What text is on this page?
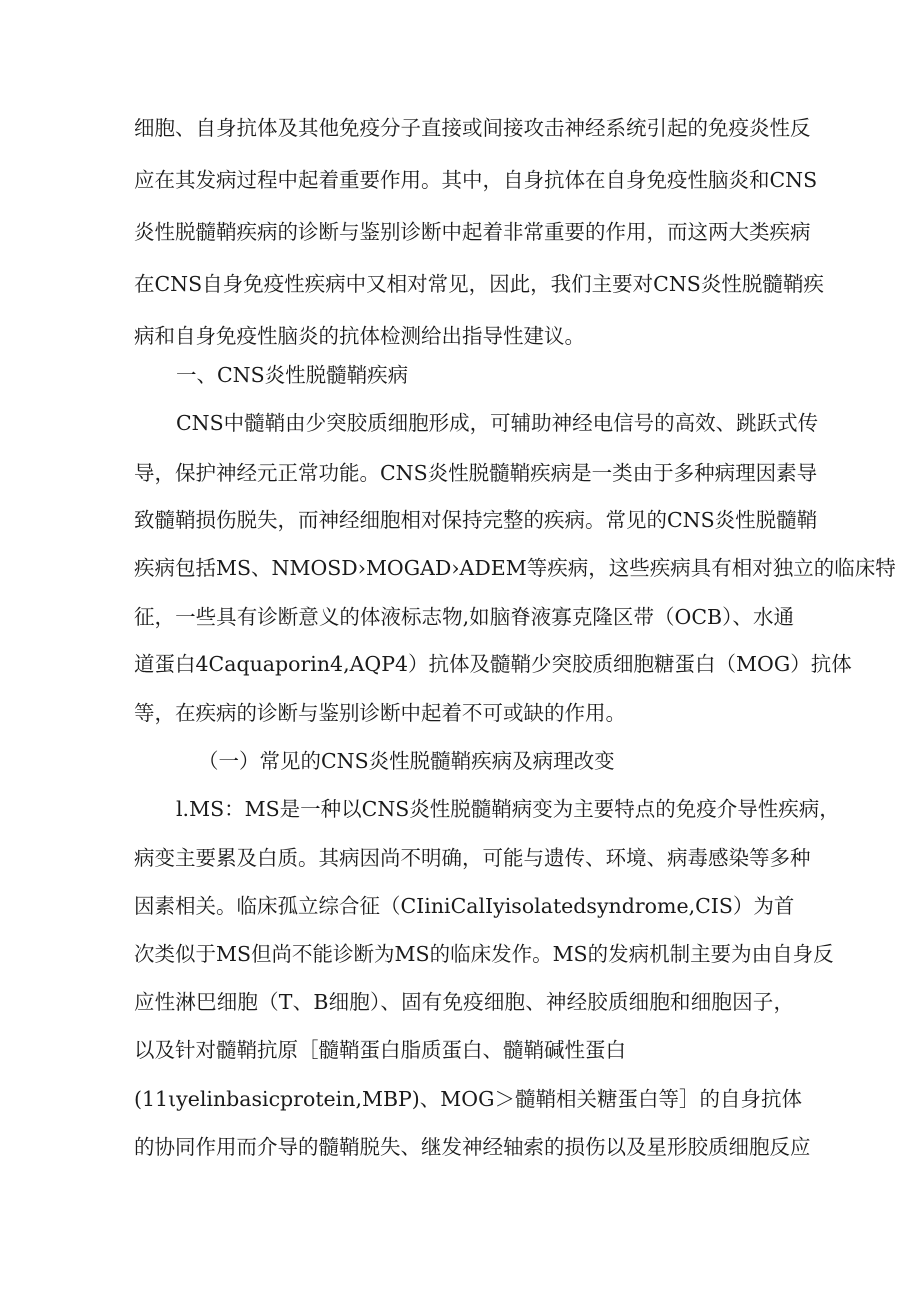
细胞、自身抗体及其他免疫分子直接或间接攻击神经系统引起的免疫炎性反
应在其发病过程中起着重要作用。其中，自身抗体在自身免疫性脑炎和CNS
炎性脱髓鞘疾病的诊断与鉴别诊断中起着非常重要的作用，而这两大类疾病
在CNS自身免疫性疾病中又相对常见，因此，我们主要对CNS炎性脱髓鞘疾
病和自身免疫性脑炎的抗体检测给出指导性建议。
一、CNS炎性脱髓鞘疾病
CNS中髓鞘由少突胶质细胞形成，可辅助神经电信号的高效、跳跃式传
导，保护神经元正常功能。CNS炎性脱髓鞘疾病是一类由于多种病理因素导
致髓鞘损伤脱失，而神经细胞相对保持完整的疾病。常见的CNS炎性脱髓鞘
疾病包括MS、NMOSD›MOGAD›ADEM等疾病，这些疾病具有相对独立的临床特
征，一些具有诊断意义的体液标志物,如脑脊液寡克隆区带（OCB）、水通
道蛋白4Caquaporin4,AQP4）抗体及髓鞘少突胶质细胞糖蛋白（MOG）抗体
等，在疾病的诊断与鉴别诊断中起着不可或缺的作用。
（一）常见的CNS炎性脱髓鞘疾病及病理改变
l.MS：MS是一种以CNS炎性脱髓鞘病变为主要特点的免疫介导性疾病，
病变主要累及白质。其病因尚不明确，可能与遗传、环境、病毒感染等多种
因素相关。临床孤立综合征（CIiniCalIyisolatedsyndrome,CIS）为首
次类似于MS但尚不能诊断为MS的临床发作。MS的发病机制主要为由自身反
应性淋巴细胞（T、B细胞）、固有免疫细胞、神经胶质细胞和细胞因子，
以及针对髓鞘抗原［髓鞘蛋白脂质蛋白、髓鞘碱性蛋白
(11ιyelinbasicprotein,MBP)、MOG＞髓鞘相关糖蛋白等］的自身抗体
的协同作用而介导的髓鞘脱失、继发神经轴索的损伤以及星形胶质细胞反应
